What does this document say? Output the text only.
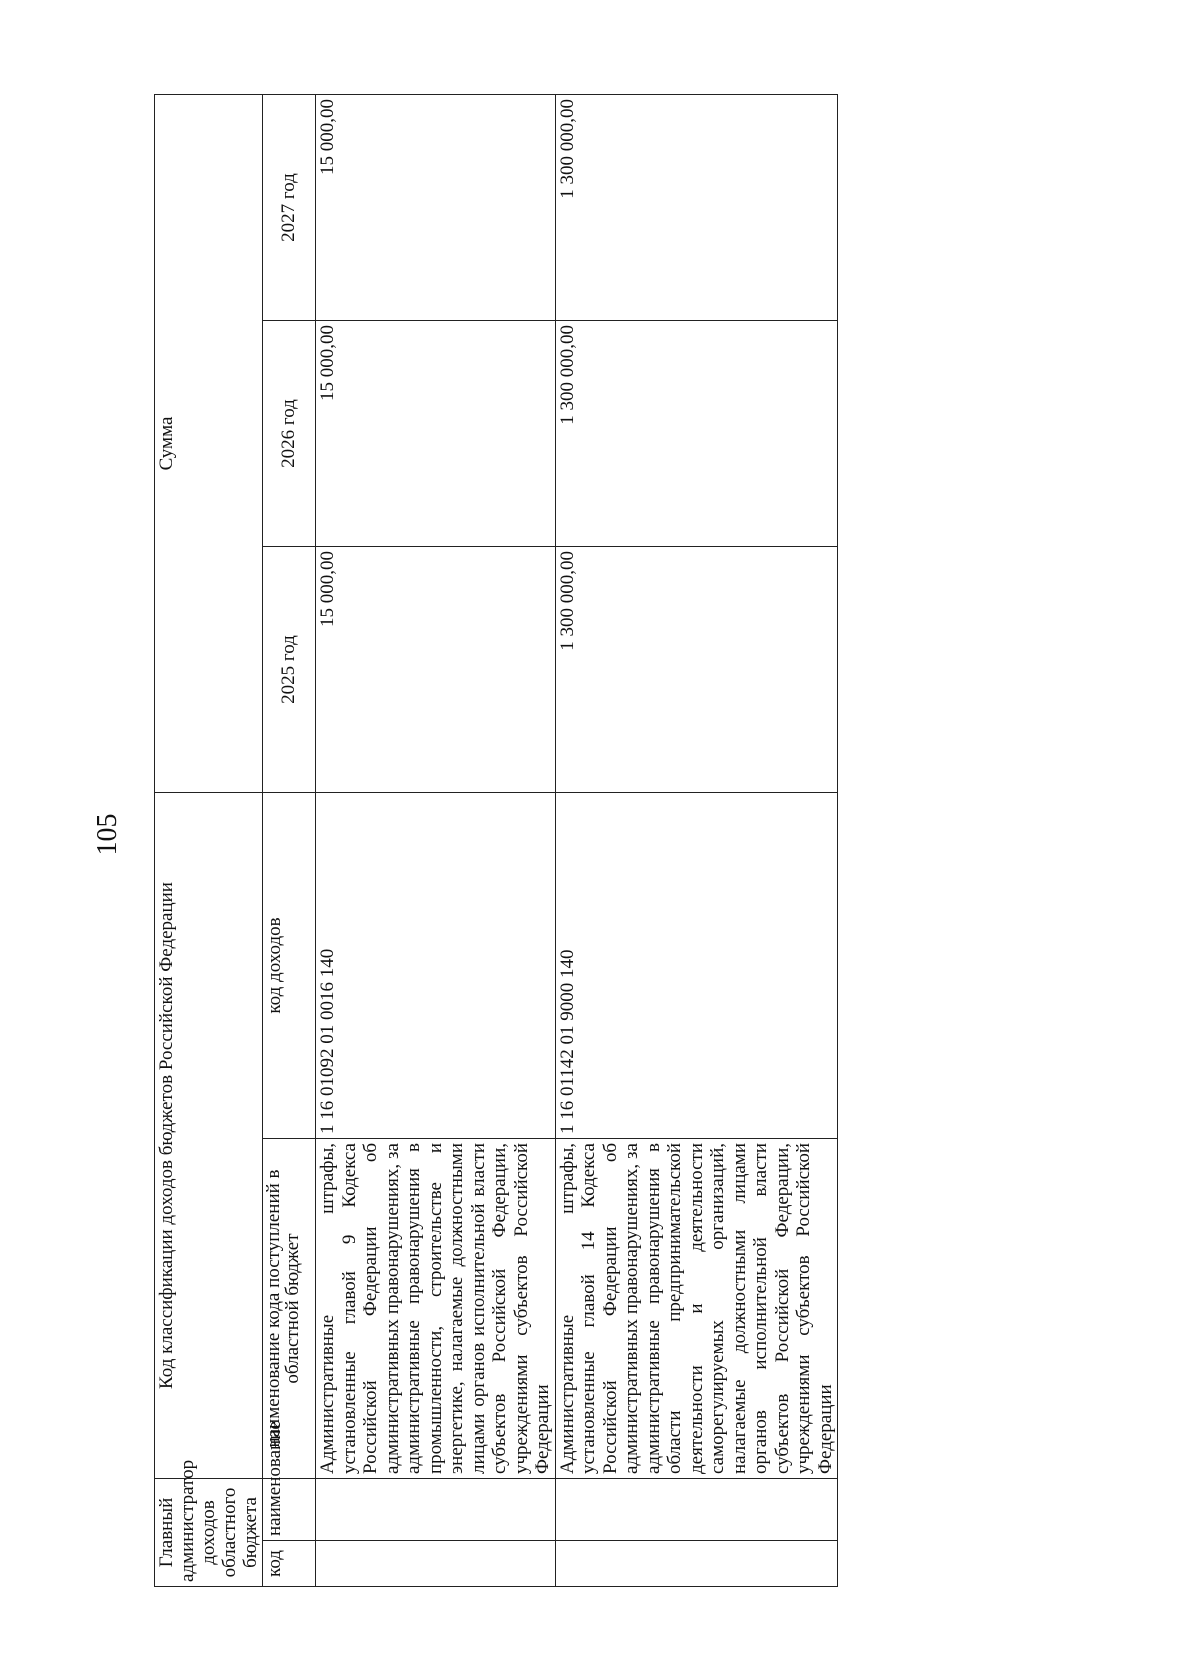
105
Главный администратор доходов областного бюджета		Код классификации доходов бюджетов Российской Федерации		Сумма		
код	наименование	наименование кода поступлений в областной бюджет	код доходов	2025 год	2026 год	2027 год
		Административные штрафы, установленные главой 9 Кодекса Российской Федерации об административных правонарушениях, за административные правонарушения в промышленности, строительстве и энергетике, налагаемые должностными лицами органов исполнительной власти субъектов Российской Федерации, учреждениями субъектов Российской Федерации	1 16 01092 01 0016 140	15 000,00	15 000,00	15 000,00
		Административные штрафы, установленные главой 14 Кодекса Российской Федерации об административных правонарушениях, за административные правонарушения в области предпринимательской деятельности и деятельности саморегулируемых организаций, налагаемые должностными лицами органов исполнительной власти субъектов Российской Федерации, учреждениями субъектов Российской Федерации	1 16 01142 01 9000 140	1 300 000,00	1 300 000,00	1 300 000,00
